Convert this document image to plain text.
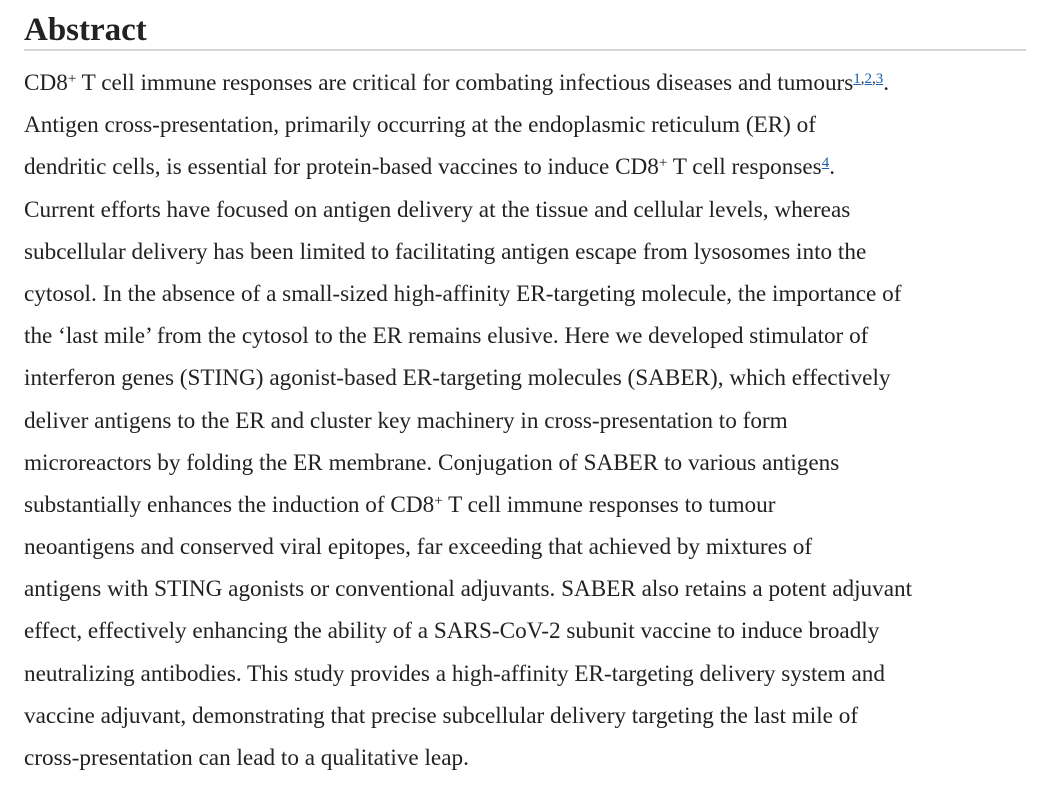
Abstract
CD8+ T cell immune responses are critical for combating infectious diseases and tumours$^{1,2,3}$.
Antigen cross-presentation, primarily occurring at the endoplasmic reticulum (ER) of
dendritic cells, is essential for protein-based vaccines to induce CD8+ T cell responses$^4$.
Current efforts have focused on antigen delivery at the tissue and cellular levels, whereas
subcellular delivery has been limited to facilitating antigen escape from lysosomes into the
cytosol. In the absence of a small-sized high-affinity ER-targeting molecule, the importance of
the ‘last mile’ from the cytosol to the ER remains elusive. Here we developed stimulator of
interferon genes (STING) agonist-based ER-targeting molecules (SABER), which effectively
deliver antigens to the ER and cluster key machinery in cross-presentation to form
microreactors by folding the ER membrane. Conjugation of SABER to various antigens
substantially enhances the induction of CD8+ T cell immune responses to tumour
neoantigens and conserved viral epitopes, far exceeding that achieved by mixtures of
antigens with STING agonists or conventional adjuvants. SABER also retains a potent adjuvant
effect, effectively enhancing the ability of a SARS-CoV-2 subunit vaccine to induce broadly
neutralizing antibodies. This study provides a high-affinity ER-targeting delivery system and
vaccine adjuvant, demonstrating that precise subcellular delivery targeting the last mile of
cross-presentation can lead to a qualitative leap.
